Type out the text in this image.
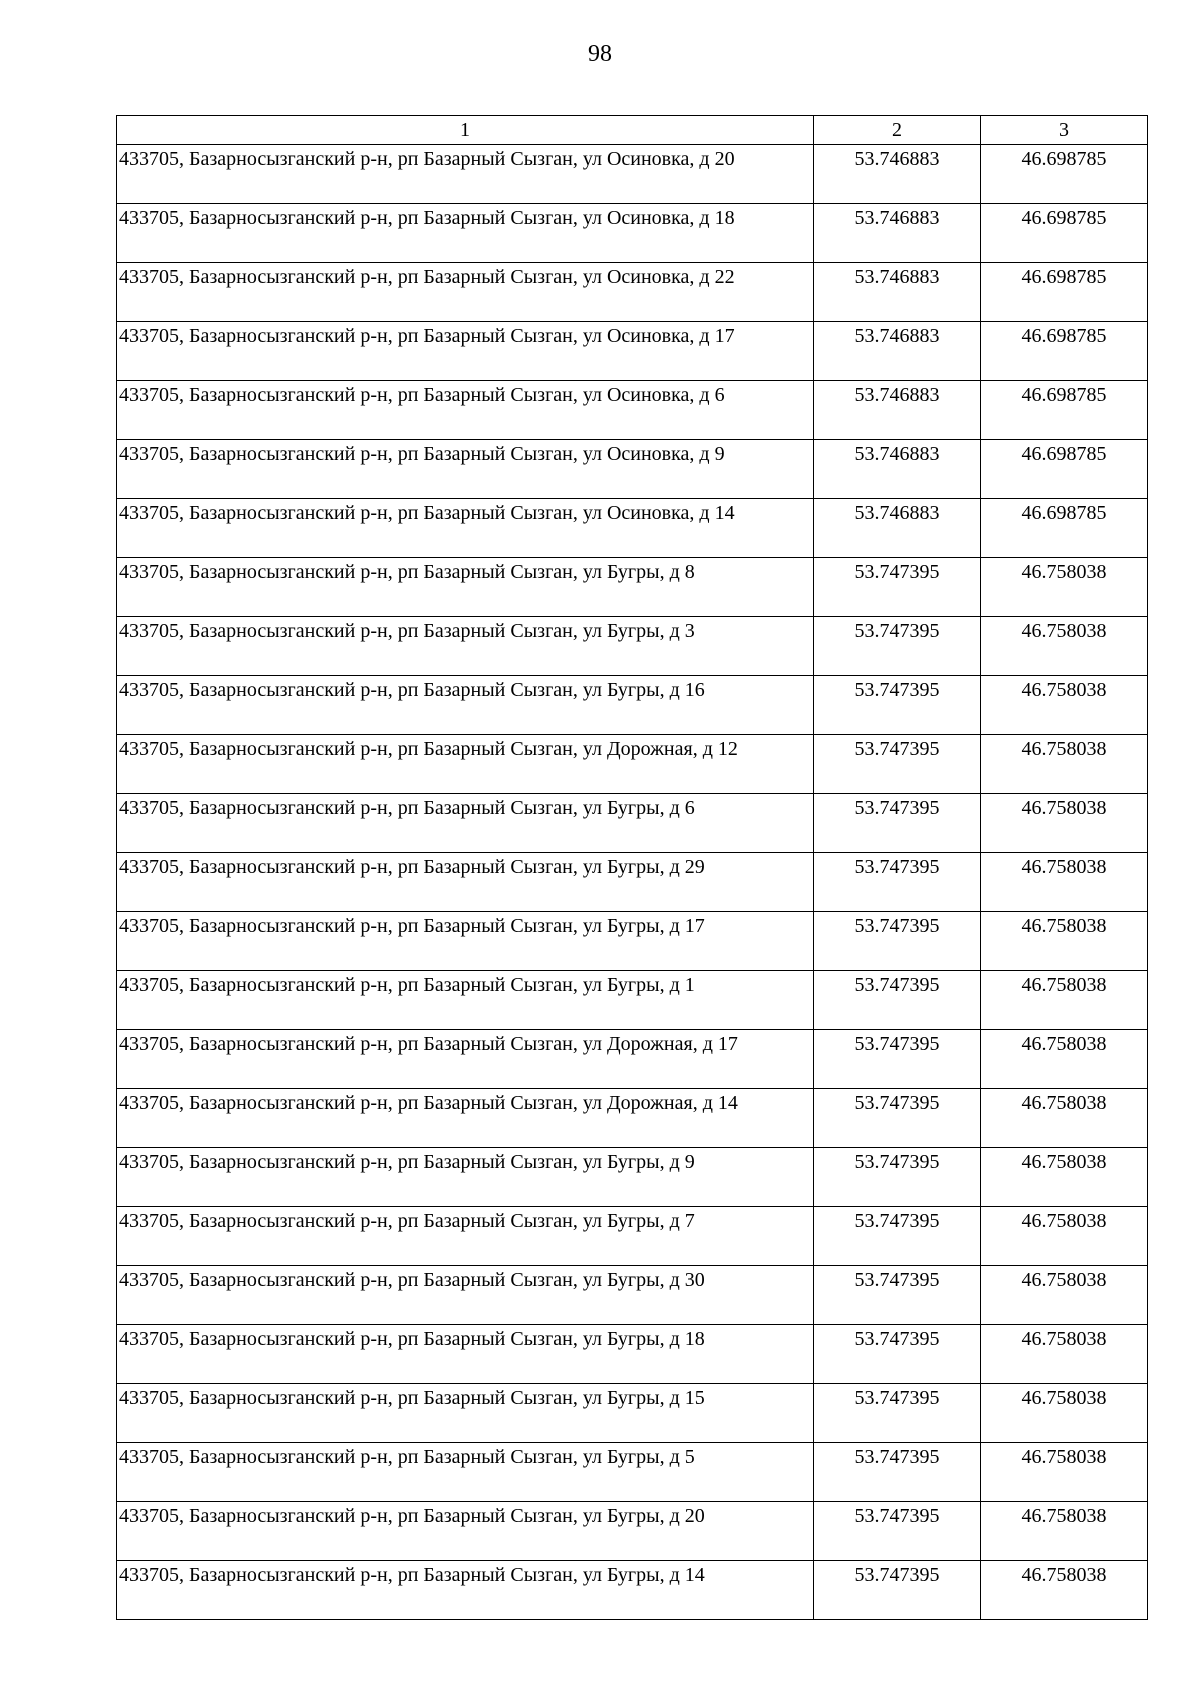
98
1	2	3
433705, Базарносызганский р-н, рп Базарный Сызган, ул Осиновка, д 20	53.746883	46.698785
433705, Базарносызганский р-н, рп Базарный Сызган, ул Осиновка, д 18	53.746883	46.698785
433705, Базарносызганский р-н, рп Базарный Сызган, ул Осиновка, д 22	53.746883	46.698785
433705, Базарносызганский р-н, рп Базарный Сызган, ул Осиновка, д 17	53.746883	46.698785
433705, Базарносызганский р-н, рп Базарный Сызган, ул Осиновка, д 6	53.746883	46.698785
433705, Базарносызганский р-н, рп Базарный Сызган, ул Осиновка, д 9	53.746883	46.698785
433705, Базарносызганский р-н, рп Базарный Сызган, ул Осиновка, д 14	53.746883	46.698785
433705, Базарносызганский р-н, рп Базарный Сызган, ул Бугры, д 8	53.747395	46.758038
433705, Базарносызганский р-н, рп Базарный Сызган, ул Бугры, д 3	53.747395	46.758038
433705, Базарносызганский р-н, рп Базарный Сызган, ул Бугры, д 16	53.747395	46.758038
433705, Базарносызганский р-н, рп Базарный Сызган, ул Дорожная, д 12	53.747395	46.758038
433705, Базарносызганский р-н, рп Базарный Сызган, ул Бугры, д 6	53.747395	46.758038
433705, Базарносызганский р-н, рп Базарный Сызган, ул Бугры, д 29	53.747395	46.758038
433705, Базарносызганский р-н, рп Базарный Сызган, ул Бугры, д 17	53.747395	46.758038
433705, Базарносызганский р-н, рп Базарный Сызган, ул Бугры, д 1	53.747395	46.758038
433705, Базарносызганский р-н, рп Базарный Сызган, ул Дорожная, д 17	53.747395	46.758038
433705, Базарносызганский р-н, рп Базарный Сызган, ул Дорожная, д 14	53.747395	46.758038
433705, Базарносызганский р-н, рп Базарный Сызган, ул Бугры, д 9	53.747395	46.758038
433705, Базарносызганский р-н, рп Базарный Сызган, ул Бугры, д 7	53.747395	46.758038
433705, Базарносызганский р-н, рп Базарный Сызган, ул Бугры, д 30	53.747395	46.758038
433705, Базарносызганский р-н, рп Базарный Сызган, ул Бугры, д 18	53.747395	46.758038
433705, Базарносызганский р-н, рп Базарный Сызган, ул Бугры, д 15	53.747395	46.758038
433705, Базарносызганский р-н, рп Базарный Сызган, ул Бугры, д 5	53.747395	46.758038
433705, Базарносызганский р-н, рп Базарный Сызган, ул Бугры, д 20	53.747395	46.758038
433705, Базарносызганский р-н, рп Базарный Сызган, ул Бугры, д 14	53.747395	46.758038
